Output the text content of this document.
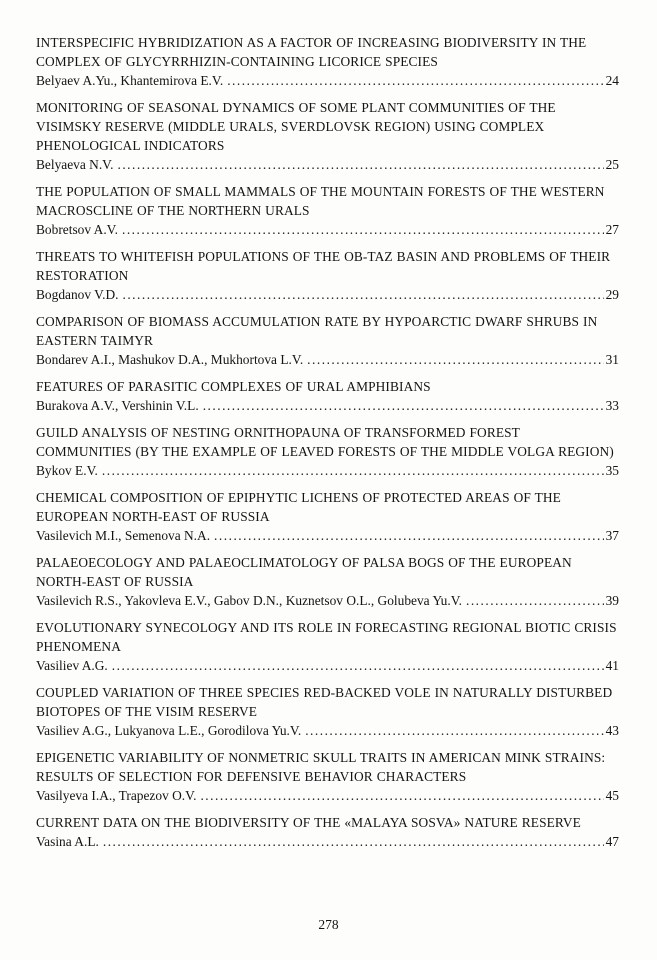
INTERSPECIFIC HYBRIDIZATION AS A FACTOR OF INCREASING BIODIVERSITY IN THE COMPLEX OF GLYCYRRHIZIN-CONTAINING LICORICE SPECIES
Belyaev A.Yu., Khantemirova E.V. .....	24
MONITORING OF SEASONAL DYNAMICS OF SOME PLANT COMMUNITIES OF THE VISIMSKY RESERVE (MIDDLE URALS, SVERDLOVSK REGION) USING COMPLEX PHENOLOGICAL INDICATORS
Belyaeva N.V. .....	25
THE POPULATION OF SMALL MAMMALS OF THE MOUNTAIN FORESTS OF THE WESTERN MACROSCLINE OF THE NORTHERN URALS
Bobretsov A.V. .....	27
THREATS TO WHITEFISH POPULATIONS OF THE OB-TAZ BASIN AND PROBLEMS OF THEIR RESTORATION
Bogdanov V.D. .....	29
COMPARISON OF BIOMASS ACCUMULATION RATE BY HYPOARCTIC DWARF SHRUBS IN EASTERN TAIMYR
Bondarev A.I., Mashukov D.A., Mukhortova L.V. .....	31
FEATURES OF PARASITIC COMPLEXES OF URAL AMPHIBIANS
Burakova A.V., Vershinin V.L. .....	33
GUILD ANALYSIS OF NESTING ORNITHOPAUNA OF TRANSFORMED FOREST COMMUNITIES (BY THE EXAMPLE OF LEAVED FORESTS OF THE MIDDLE VOLGA REGION)
Bykov E.V. .....	35
CHEMICAL COMPOSITION OF EPIPHYTIC LICHENS OF PROTECTED AREAS OF THE EUROPEAN NORTH-EAST OF RUSSIA
Vasilevich M.I., Semenova N.A. .....	37
PALAEOECOLOGY AND PALAEOCLIMATOLOGY OF PALSA BOGS OF THE EUROPEAN NORTH-EAST OF RUSSIA
Vasilevich R.S., Yakovleva E.V., Gabov D.N., Kuznetsov O.L., Golubeva Yu.V. .....	39
EVOLUTIONARY SYNECOLOGY AND ITS ROLE IN FORECASTING REGIONAL BIOTIC CRISIS PHENOMENA
Vasiliev A.G. .....	41
COUPLED VARIATION OF THREE SPECIES RED-BACKED VOLE IN NATURALLY DISTURBED BIOTOPES OF THE VISIM RESERVE
Vasiliev A.G., Lukyanova L.E., Gorodilova Yu.V. .....	43
EPIGENETIC VARIABILITY OF NONMETRIC SKULL TRAITS IN AMERICAN MINK STRAINS: RESULTS OF SELECTION FOR DEFENSIVE BEHAVIOR CHARACTERS
Vasilyeva I.A., Trapezov O.V. .....	45
CURRENT DATA ON THE BIODIVERSITY OF THE «MALAYA SOSVA» NATURE RESERVE
Vasina A.L. .....	47
278
